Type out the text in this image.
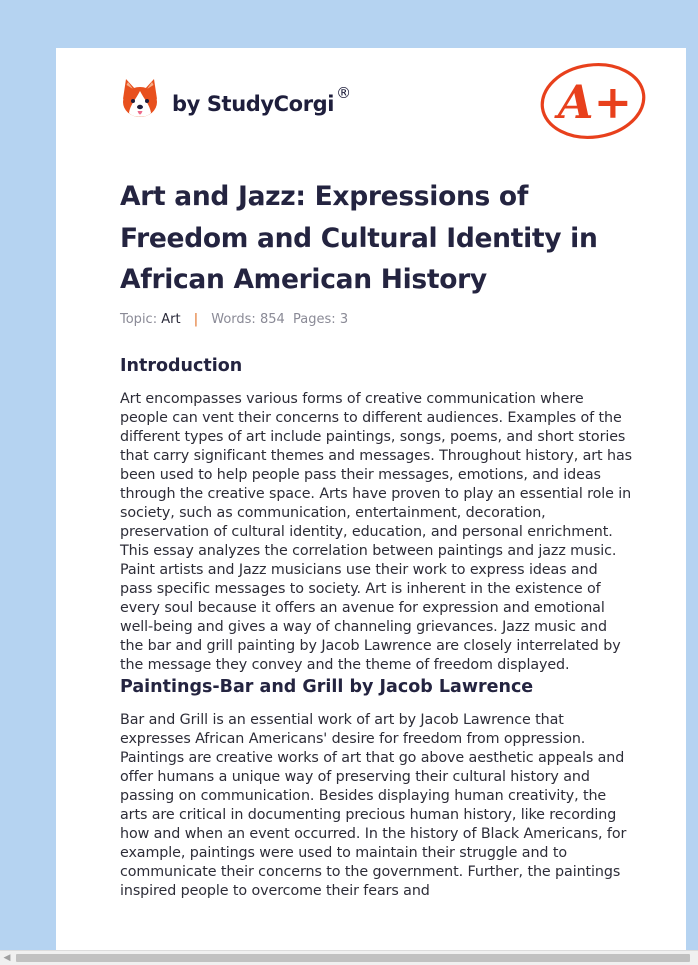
by StudyCorgi ®	A+
Art and Jazz: Expressions of Freedom and Cultural Identity in African American History
Topic: Art | Words: 854 Pages: 3
Introduction

Art encompasses various forms of creative communication where people can vent their concerns to different audiences. Examples of the different types of art include paintings, songs, poems, and short stories that carry significant themes and messages. Throughout history, art has been used to help people pass their messages, emotions, and ideas through the creative space. Arts have proven to play an essential role in society, such as communication, entertainment, decoration, preservation of cultural identity, education, and personal enrichment. This essay analyzes the correlation between paintings and jazz music. Paint artists and Jazz musicians use their work to express ideas and pass specific messages to society. Art is inherent in the existence of every soul because it offers an avenue for expression and emotional well-being and gives a way of channeling grievances. Jazz music and the bar and grill painting by Jacob Lawrence are closely interrelated by the message they convey and the theme of freedom displayed.

Paintings-Bar and Grill by Jacob Lawrence

Bar and Grill is an essential work of art by Jacob Lawrence that expresses African Americans' desire for freedom from oppression. Paintings are creative works of art that go above aesthetic appeals and offer humans a unique way of preserving their cultural history and passing on communication. Besides displaying human creativity, the arts are critical in documenting precious human history, like recording how and when an event occurred. In the history of Black Americans, for example, paintings were used to maintain their struggle and to communicate their concerns to the government. Further, the paintings inspired people to overcome their fears and

◀
